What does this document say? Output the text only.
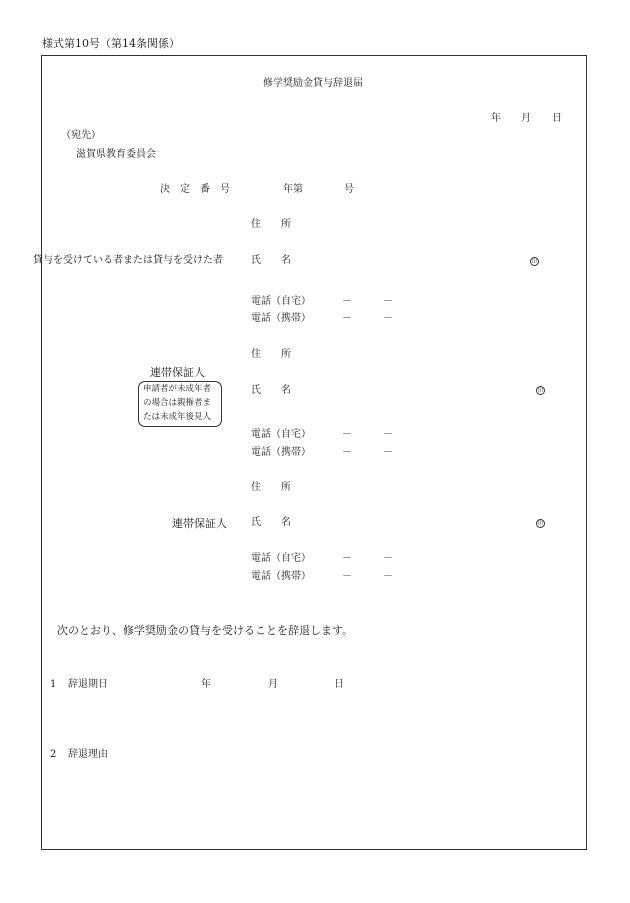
様式第10号（第14条関係）
修学奨励金貸与辞退届
年 月 日
（宛先）
滋賀県教育委員会
決　定　番　号	年第	号
住　　所
貸与を受けている者または貸与を受けた者	氏　　名	印
電話（自宅）	－	－
電話（携帯）	－	－
住　　所
連帯保証人
申請者が未成年者
の場合は親権者ま
たは未成年後見人
氏　　名	印
電話（自宅）	－	－
電話（携帯）	－	－
住　　所
連帯保証人 氏　　名	印
電話（自宅）	－	－
電話（携帯）	－	－
次のとおり、修学奨励金の貸与を受けることを辞退します。
1 辞退期日	年	月	日
2 辞退理由
